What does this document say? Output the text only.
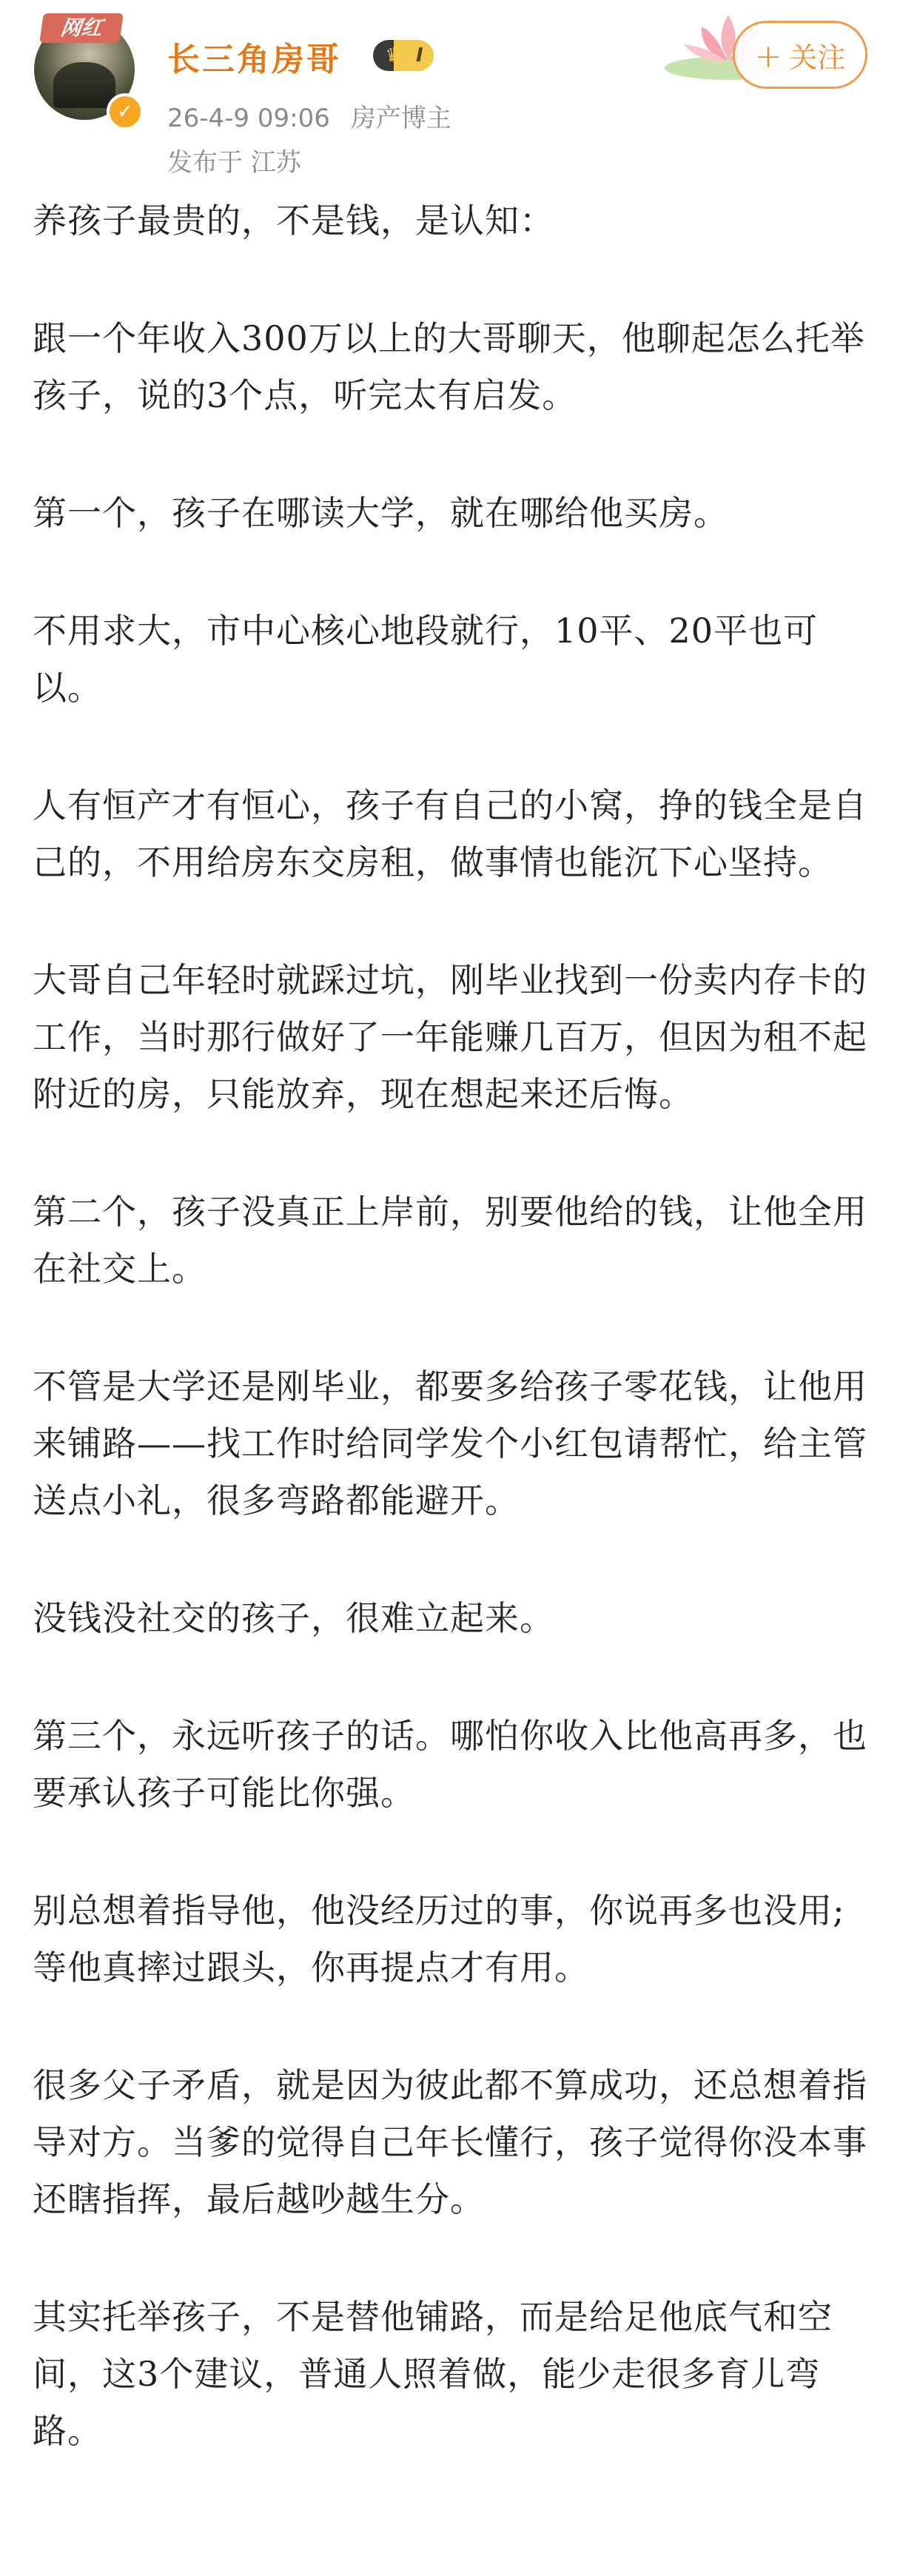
网红
✓
长三角房哥	♛ I
26-4-9 09:06 房产博主
发布于 江苏
+ 关注

养孩子最贵的，不是钱，是认知：

跟一个年收入300万以上的大哥聊天，他聊起怎么托举孩子，说的3个点，听完太有启发。

第一个，孩子在哪读大学，就在哪给他买房。

不用求大，市中心核心地段就行，10平、20平也可以。

人有恒产才有恒心，孩子有自己的小窝，挣的钱全是自己的，不用给房东交房租，做事情也能沉下心坚持。

大哥自己年轻时就踩过坑，刚毕业找到一份卖内存卡的工作，当时那行做好了一年能赚几百万，但因为租不起附近的房，只能放弃，现在想起来还后悔。

第二个，孩子没真正上岸前，别要他给的钱，让他全用在社交上。

不管是大学还是刚毕业，都要多给孩子零花钱，让他用来铺路——找工作时给同学发个小红包请帮忙，给主管送点小礼，很多弯路都能避开。

没钱没社交的孩子，很难立起来。

第三个，永远听孩子的话。哪怕你收入比他高再多，也要承认孩子可能比你强。

别总想着指导他，他没经历过的事，你说再多也没用;等他真摔过跟头，你再提点才有用。

很多父子矛盾，就是因为彼此都不算成功，还总想着指导对方。当爹的觉得自己年长懂行，孩子觉得你没本事还瞎指挥，最后越吵越生分。

其实托举孩子，不是替他铺路，而是给足他底气和空间，这3个建议，普通人照着做，能少走很多育儿弯路。
